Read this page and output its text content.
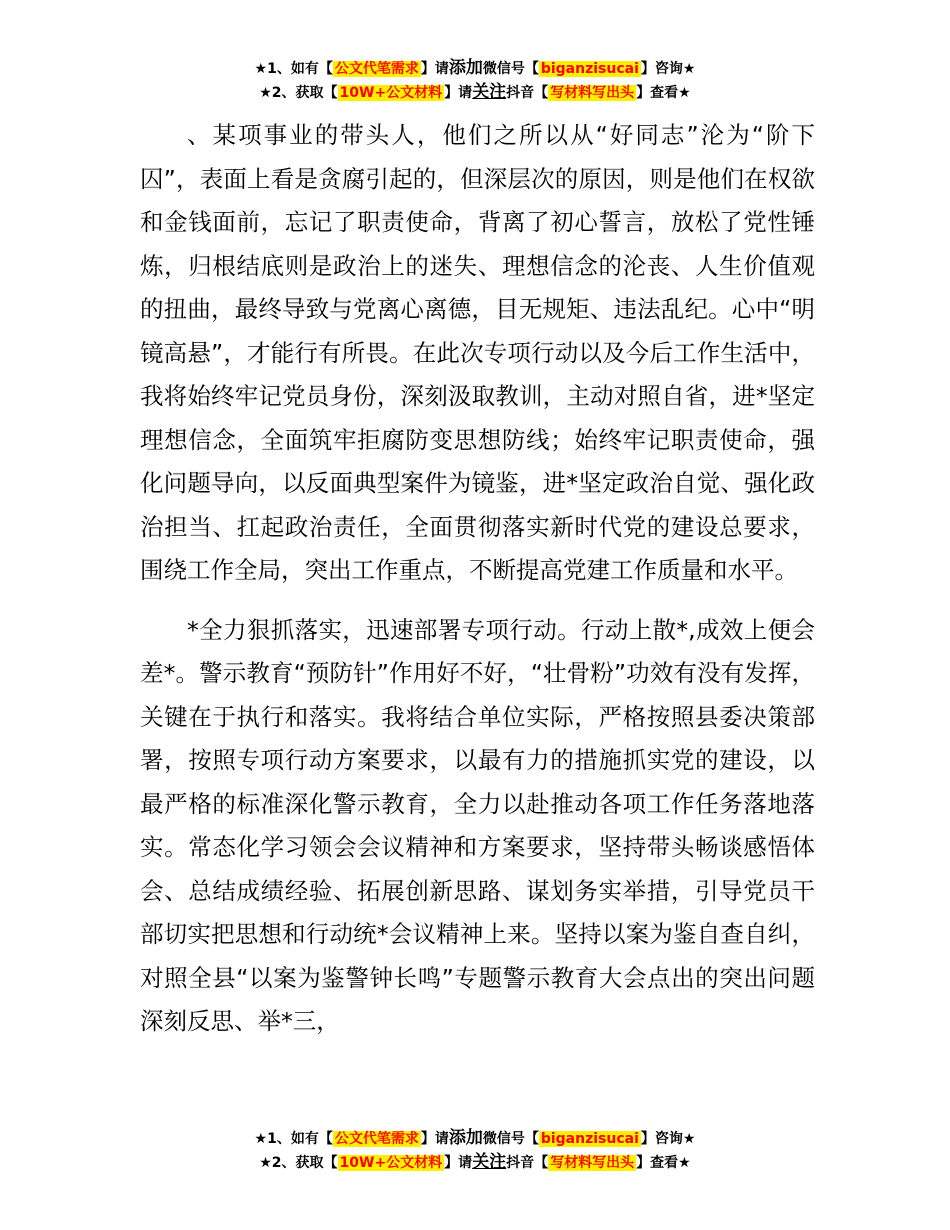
★1、如有【 公文代笔需求 】请添加微信号【 biganzisucai 】咨询★
★2、获取【 10W+公文材料 】请关注抖音【 写材料写出头 】查看★

、某项事业的带头人，他们之所以从“好同志”沦为“阶下囚”，表面上看是贪腐引起的，但深层次的原因，则是他们在权欲和金钱面前，忘记了职责使命，背离了初心誓言，放松了党性锤炼，归根结底则是政治上的迷失、理想信念的沦丧、人生价值观的扭曲，最终导致与党离心离德，目无规矩、违法乱纪。心中“明镜高悬”，才能行有所畏。在此次专项行动以及今后工作生活中，我将始终牢记党员身份，深刻汲取教训，主动对照自省，进*坚定理想信念，全面筑牢拒腐防变思想防线；始终牢记职责使命，强化问题导向，以反面典型案件为镜鉴，进*坚定政治自觉、强化政治担当、扛起政治责任，全面贯彻落实新时代党的建设总要求，围绕工作全局，突出工作重点，不断提高党建工作质量和水平。

*全力狠抓落实，迅速部署专项行动。行动上散*,成效上便会差*。警示教育“预防针”作用好不好，“壮骨粉”功效有没有发挥，关键在于执行和落实。我将结合单位实际，严格按照县委决策部署，按照专项行动方案要求，以最有力的措施抓实党的建设，以最严格的标准深化警示教育，全力以赴推动各项工作任务落地落实。常态化学习领会会议精神和方案要求，坚持带头畅谈感悟体会、总结成绩经验、拓展创新思路、谋划务实举措，引导党员干部切实把思想和行动统*会议精神上来。坚持以案为鉴自查自纠，对照全县“以案为鉴警钟长鸣”专题警示教育大会点出的突出问题深刻反思、举*三，

★1、如有【 公文代笔需求 】请添加微信号【 biganzisucai 】咨询★
★2、获取【 10W+公文材料 】请关注抖音【 写材料写出头 】查看★
